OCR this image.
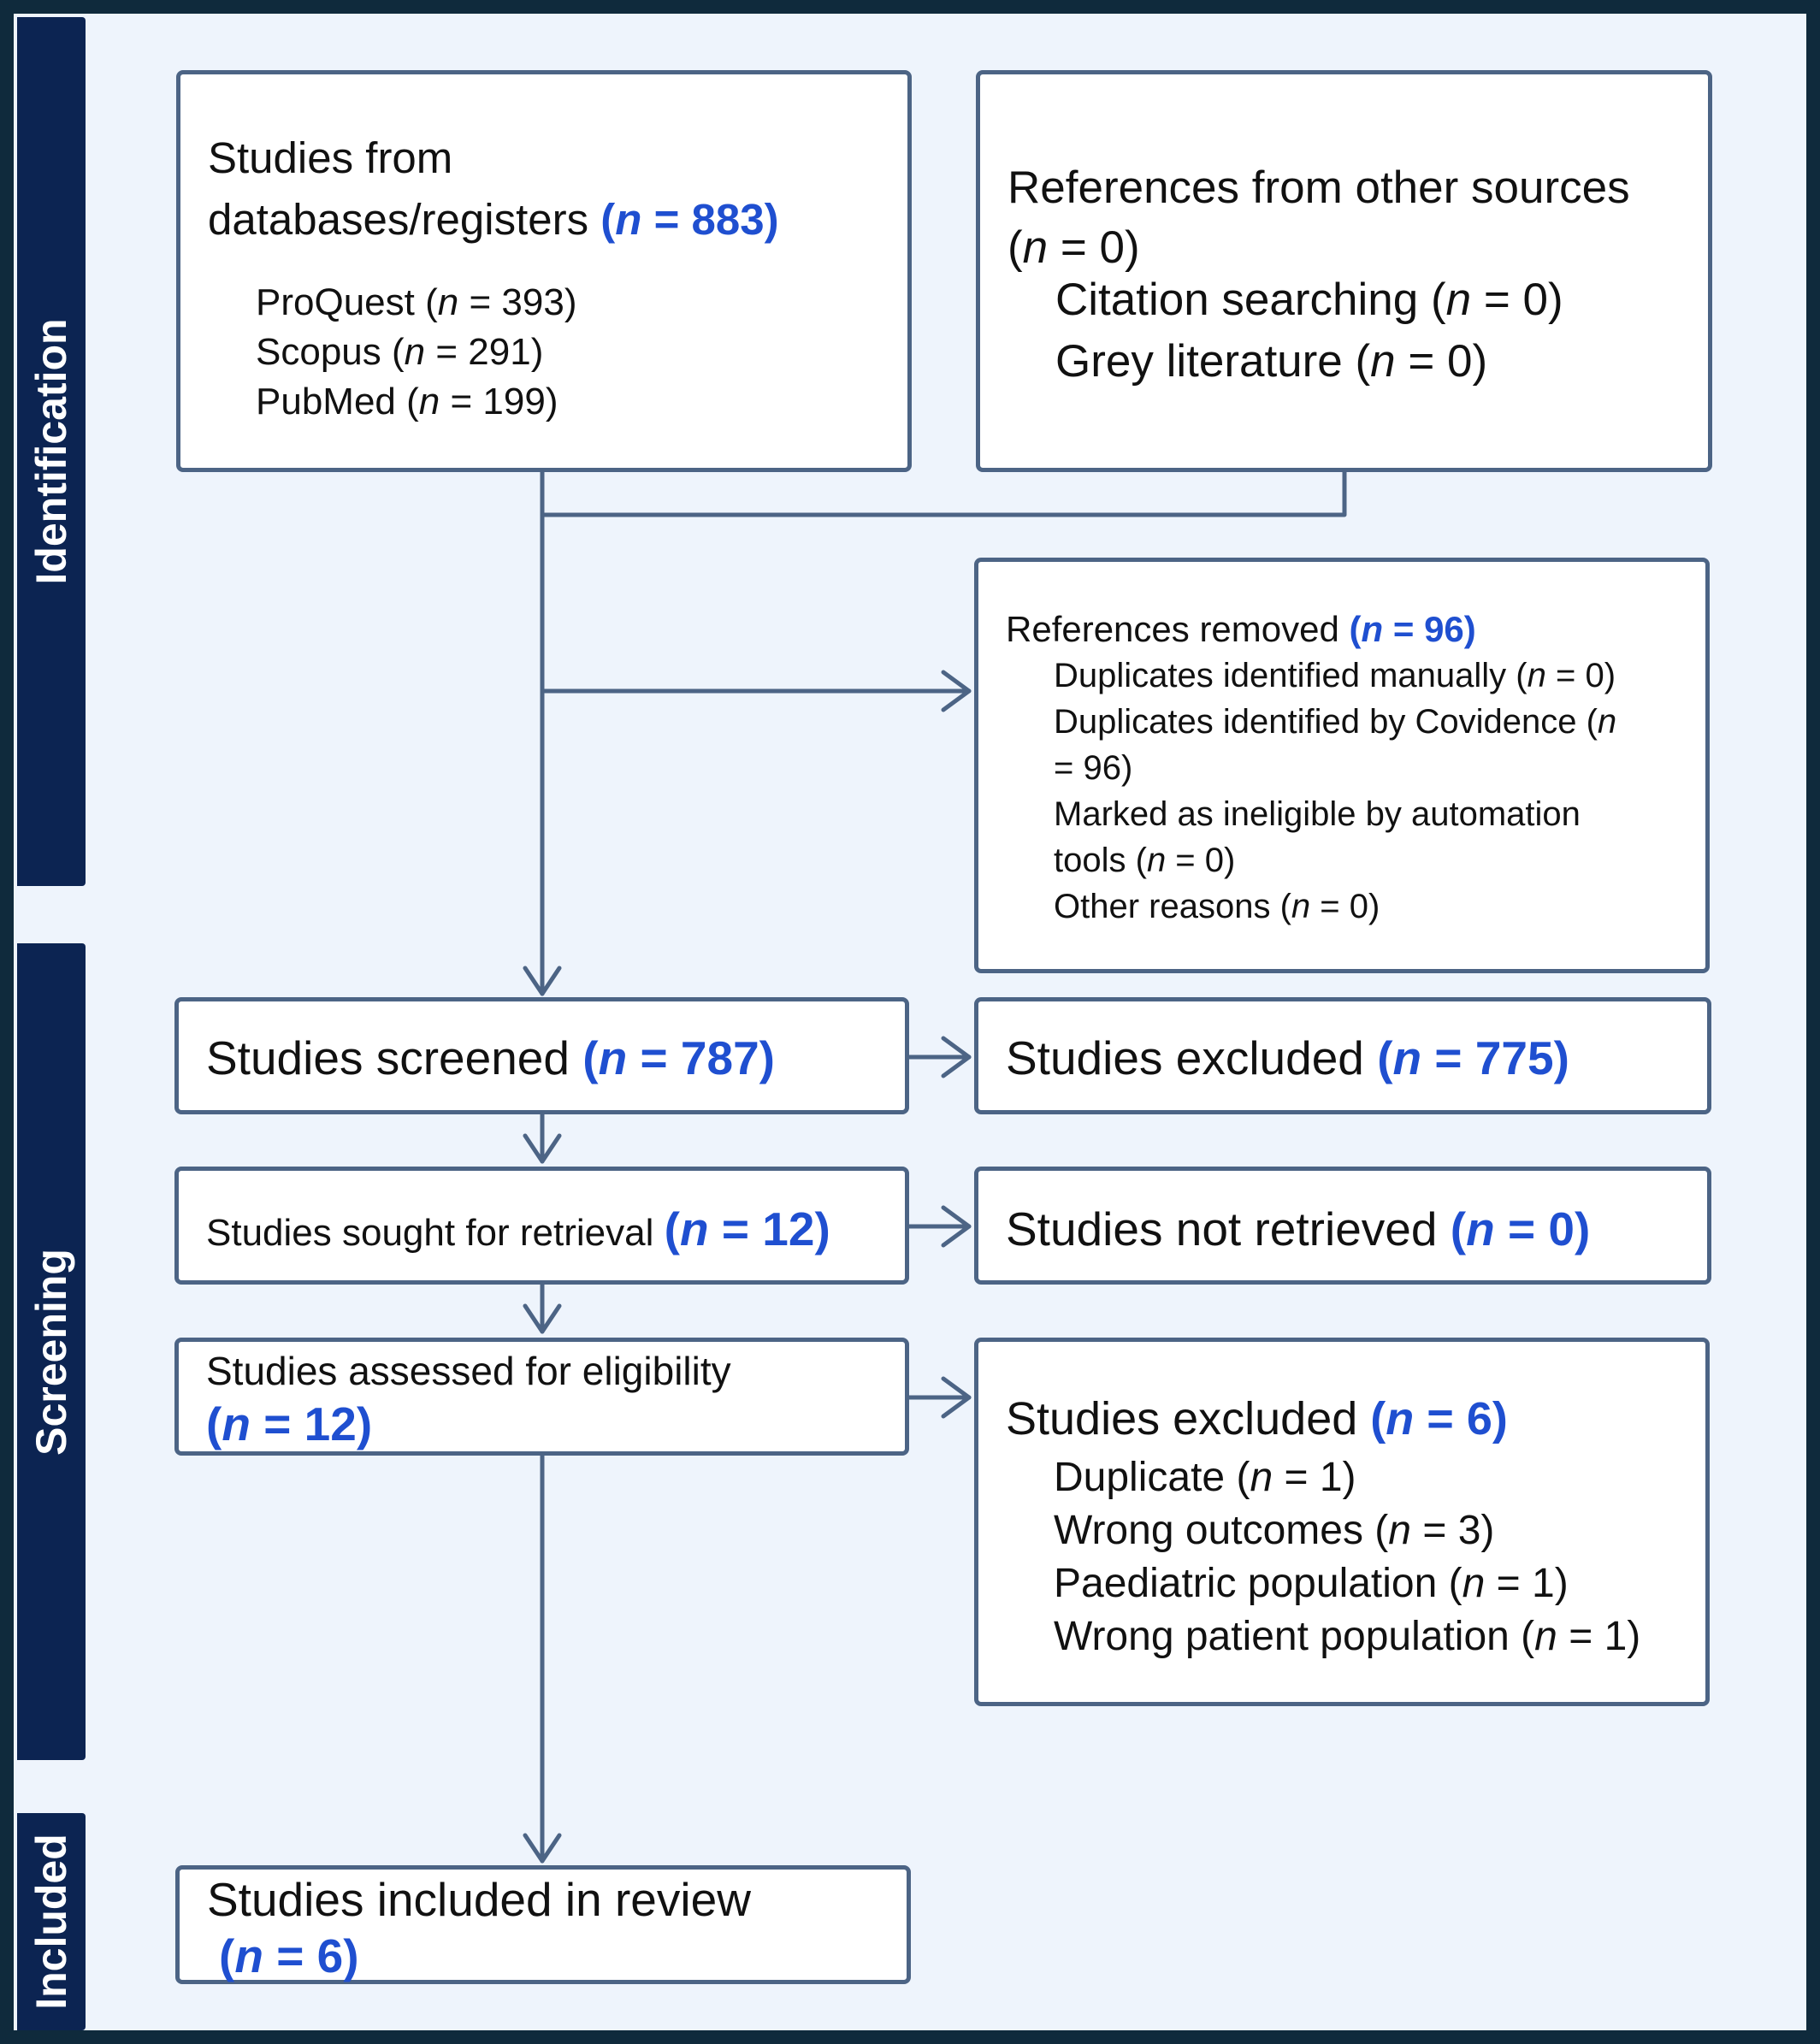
Identification
Screening
Included
Studies from
databases/registers (n = 883)
ProQuest (n = 393)
Scopus (n = 291)
PubMed (n = 199)
References from other sources
(n = 0)
Citation searching (n = 0)
Grey literature (n = 0)
References removed (n = 96)
Duplicates identified manually (n = 0)
Duplicates identified by Covidence (n
= 96)
Marked as ineligible by automation
tools (n = 0)
Other reasons (n = 0)
Studies screened (n = 787)	Studies excluded (n = 775)
Studies sought for retrieval (n = 12)	Studies not retrieved (n = 0)
Studies assessed for eligibility
(n = 12)	Studies excluded (n = 6)
Duplicate (n = 1)
Wrong outcomes (n = 3)
Paediatric population (n = 1)
Wrong patient population (n = 1)
Studies included in review
(n = 6)
